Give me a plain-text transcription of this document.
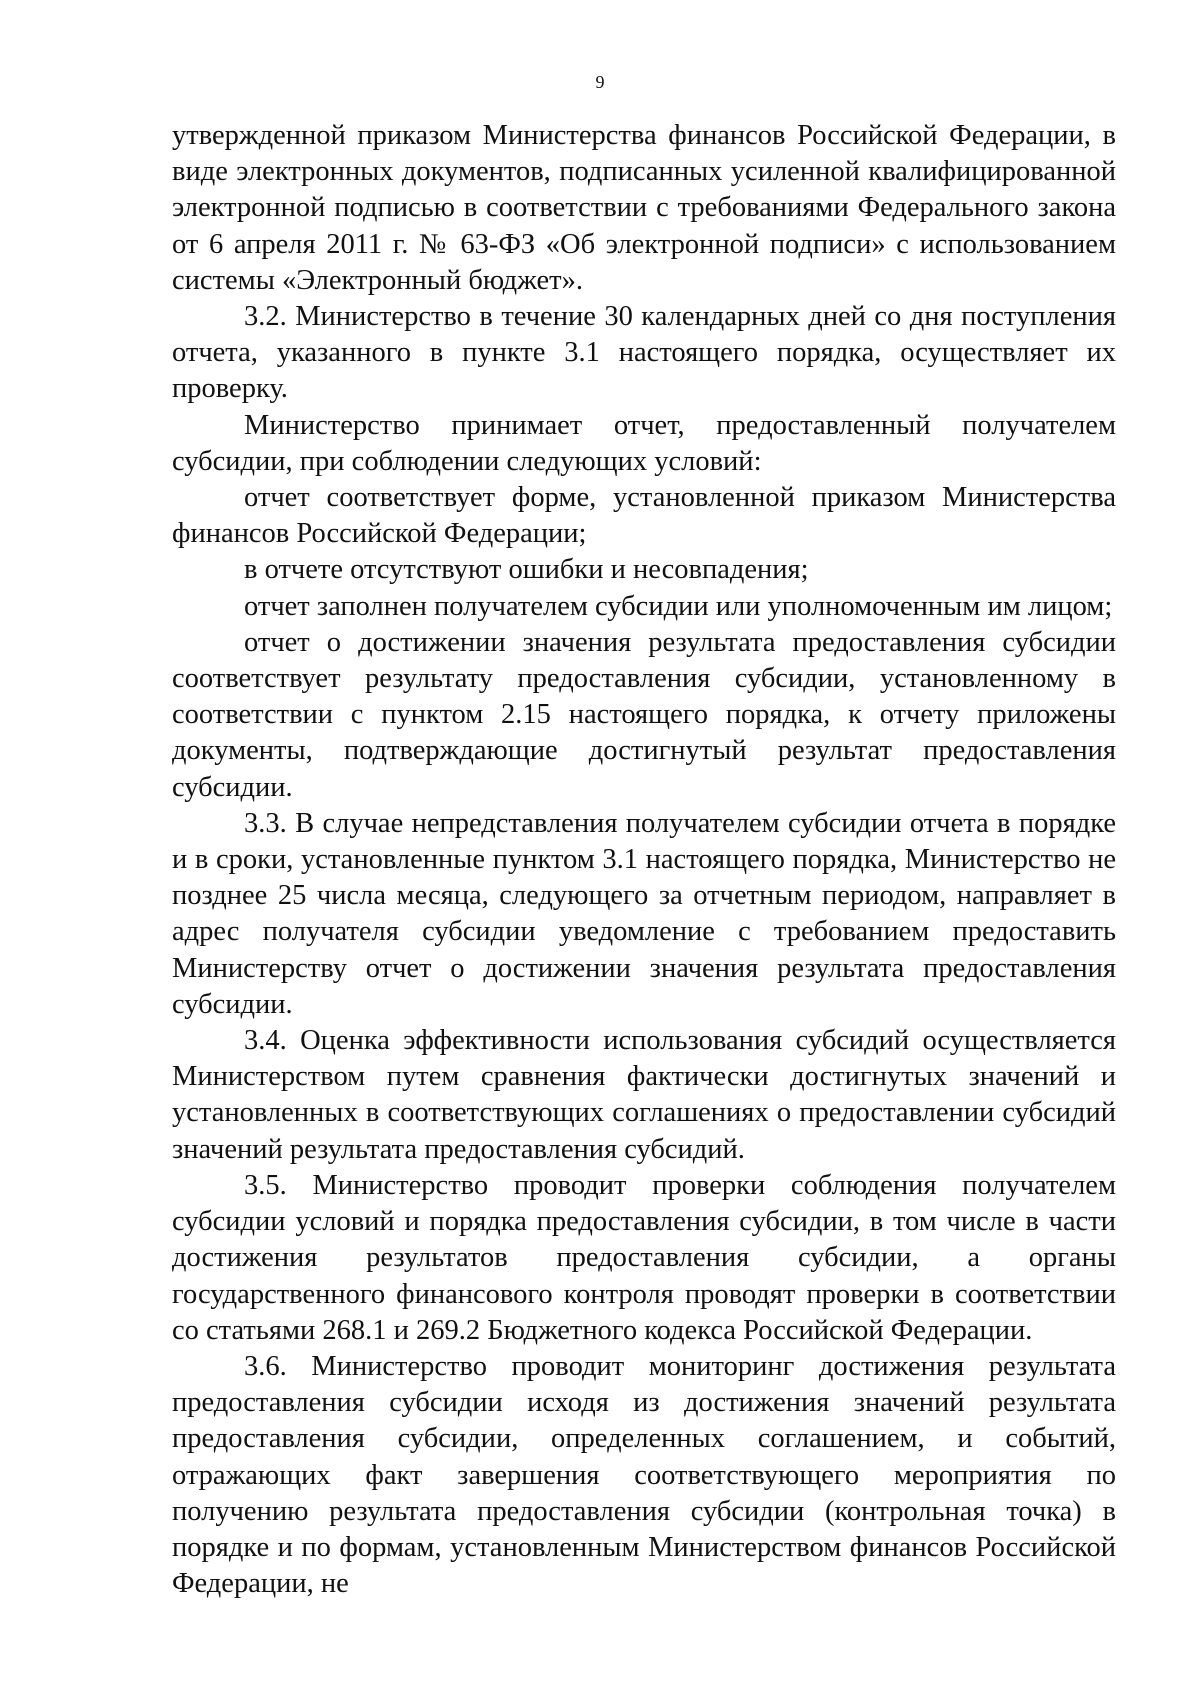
9

утвержденной приказом Министерства финансов Российской Федерации, в виде электронных документов, подписанных усиленной квалифицированной электронной подписью в соответствии с требованиями Федерального закона от 6 апреля 2011 г. № 63-ФЗ «Об электронной подписи» с использованием системы «Электронный бюджет».

3.2. Министерство в течение 30 календарных дней со дня поступления отчета, указанного в пункте 3.1 настоящего порядка, осуществляет их проверку.

Министерство принимает отчет, предоставленный получателем субсидии, при соблюдении следующих условий:

отчет соответствует форме, установленной приказом Министерства финансов Российской Федерации;

в отчете отсутствуют ошибки и несовпадения;

отчет заполнен получателем субсидии или уполномоченным им лицом;

отчет о достижении значения результата предоставления субсидии соответствует результату предоставления субсидии, установленному в соответствии с пунктом 2.15 настоящего порядка, к отчету приложены документы, подтверждающие достигнутый результат предоставления субсидии.

3.3. В случае непредставления получателем субсидии отчета в порядке и в сроки, установленные пунктом 3.1 настоящего порядка, Министерство не позднее 25 числа месяца, следующего за отчетным периодом, направляет в адрес получателя субсидии уведомление с требованием предоставить Министерству отчет о достижении значения результата предоставления субсидии.

3.4. Оценка эффективности использования субсидий осуществляется Министерством путем сравнения фактически достигнутых значений и установленных в соответствующих соглашениях о предоставлении субсидий значений результата предоставления субсидий.

3.5. Министерство проводит проверки соблюдения получателем субсидии условий и порядка предоставления субсидии, в том числе в части достижения результатов предоставления субсидии, а органы государственного финансового контроля проводят проверки в соответствии со статьями 268.1 и 269.2 Бюджетного кодекса Российской Федерации.

3.6. Министерство проводит мониторинг достижения результата предоставления субсидии исходя из достижения значений результата предоставления субсидии, определенных соглашением, и событий, отражающих факт завершения соответствующего мероприятия по получению результата предоставления субсидии (контрольная точка) в порядке и по формам, установленным Министерством финансов Российской Федерации, не
